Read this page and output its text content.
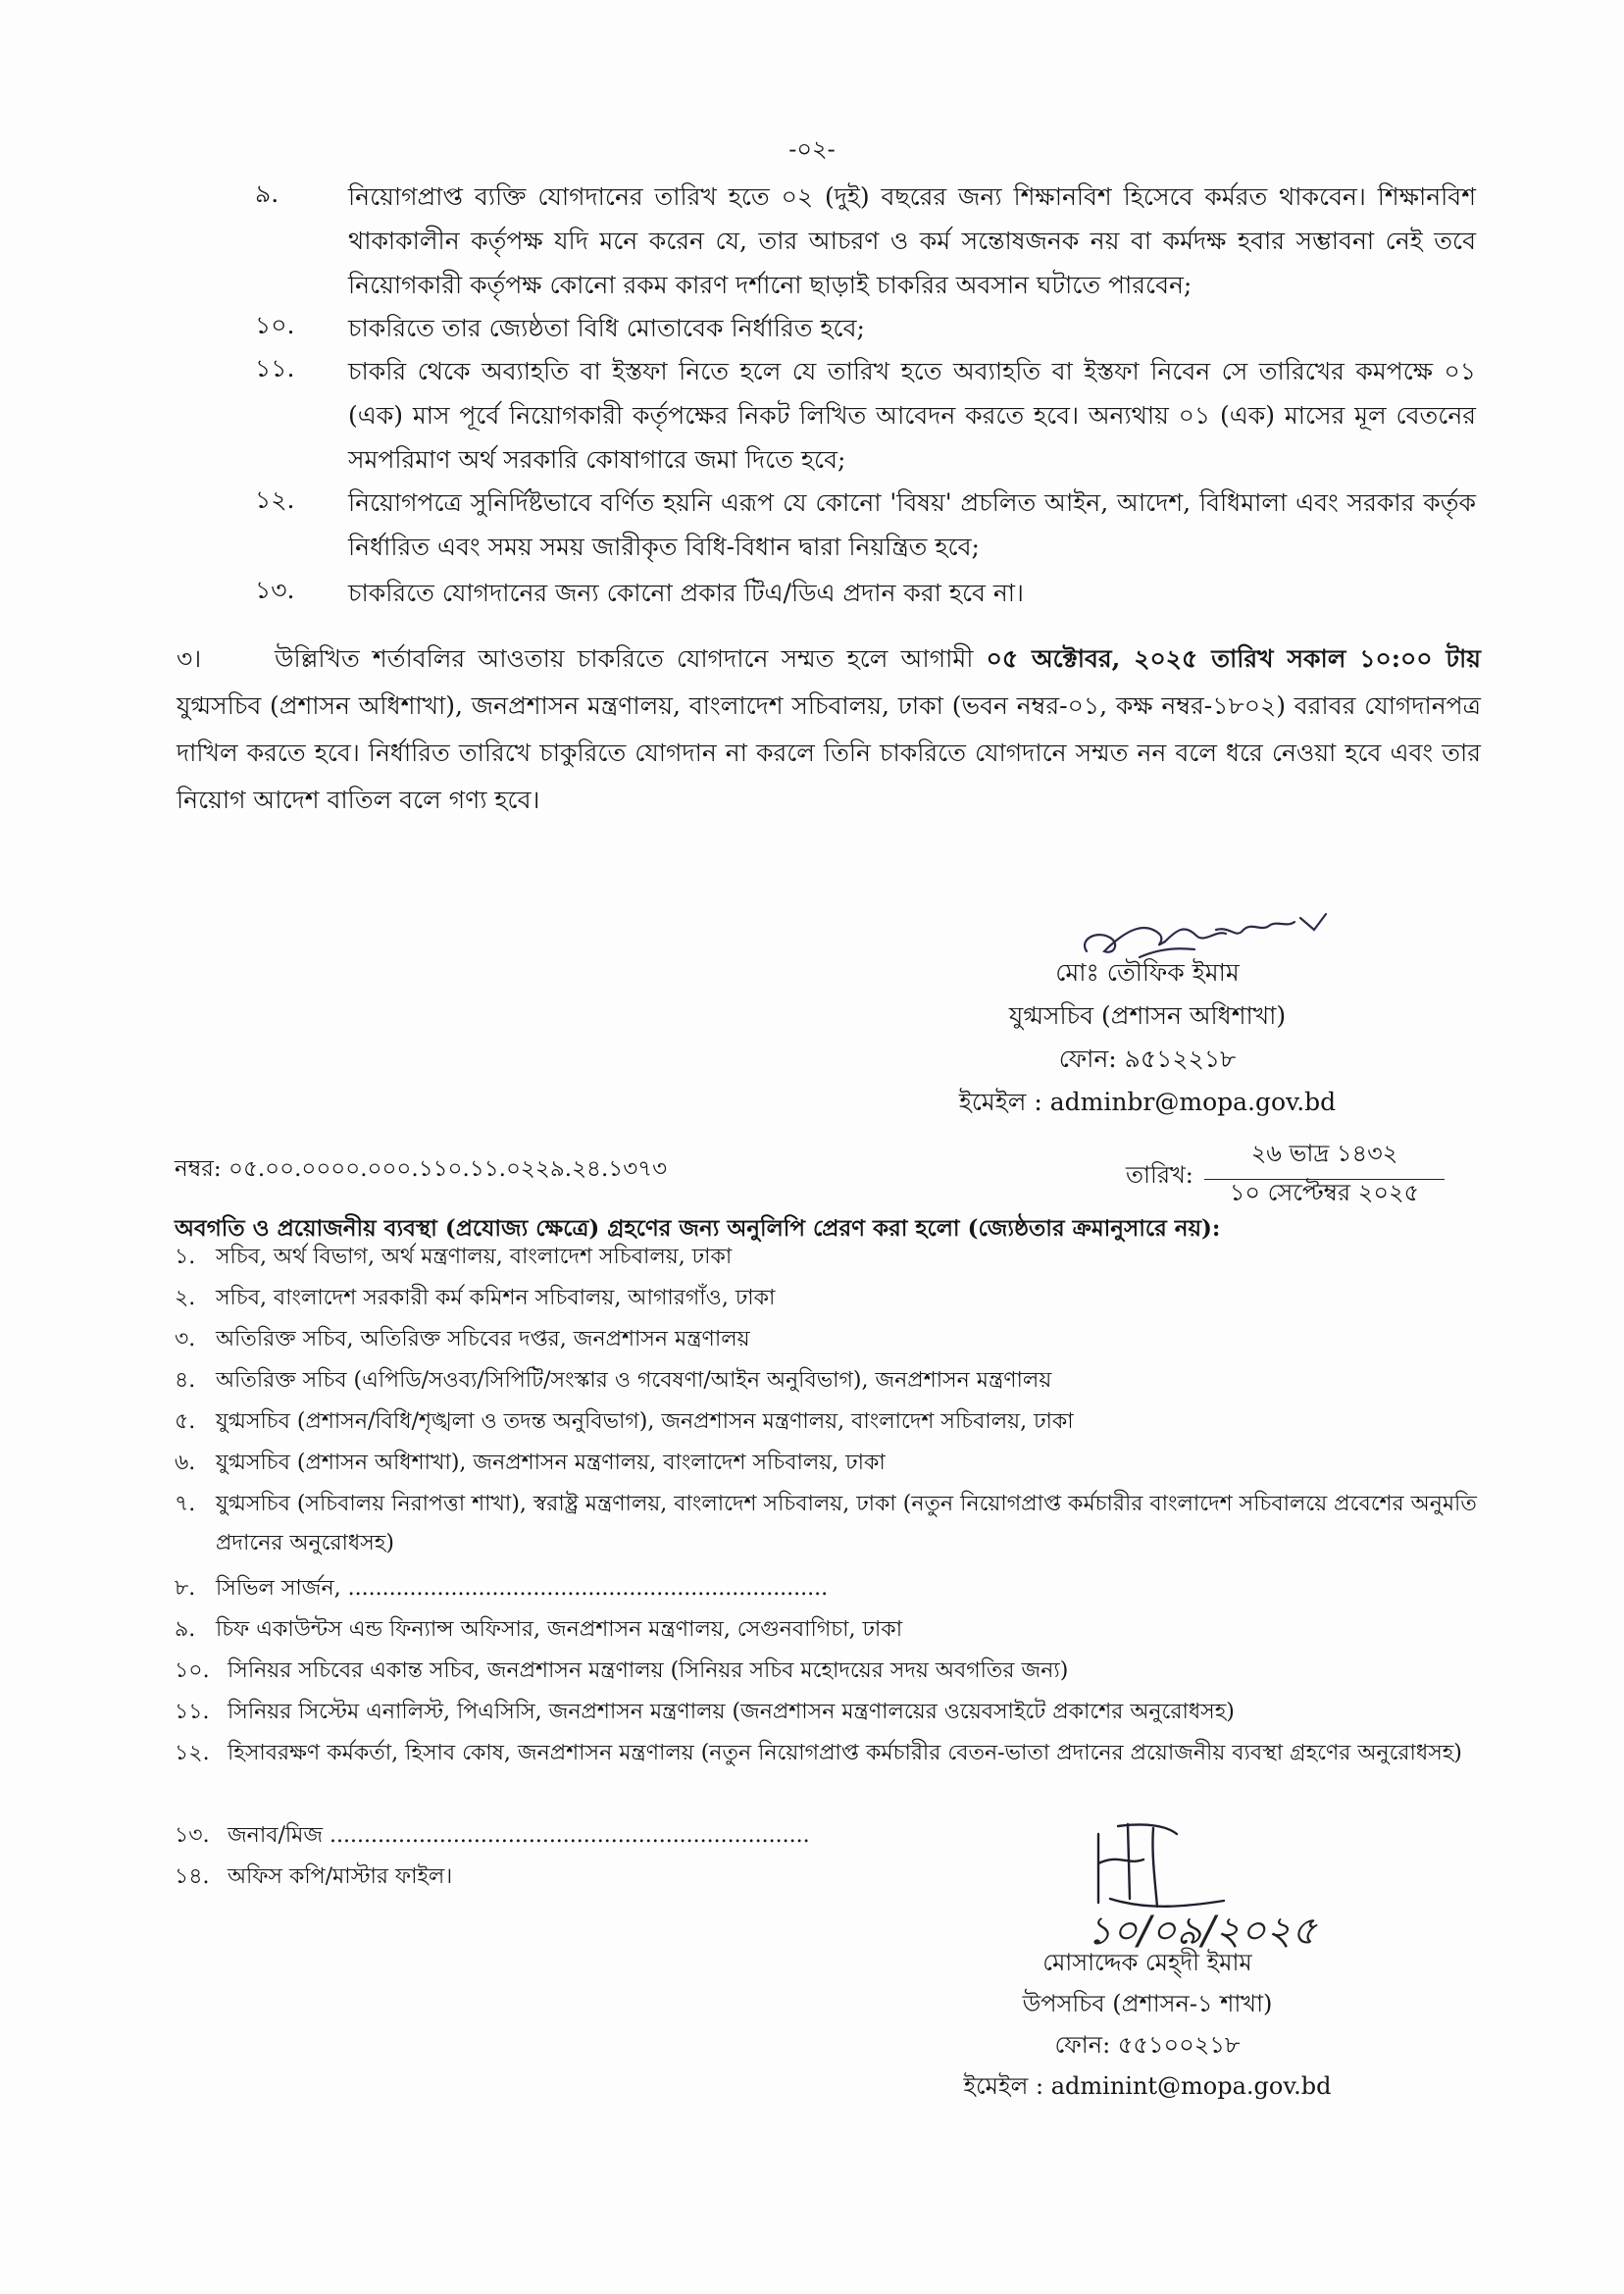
-০২-
৯.	নিয়োগপ্রাপ্ত ব্যক্তি যোগদানের তারিখ হতে ০২ (দুই) বছরের জন্য শিক্ষানবিশ হিসেবে কর্মরত থাকবেন। শিক্ষানবিশ থাকাকালীন কর্তৃপক্ষ যদি মনে করেন যে, তার আচরণ ও কর্ম সন্তোষজনক নয় বা কর্মদক্ষ হবার সম্ভাবনা নেই তবে নিয়োগকারী কর্তৃপক্ষ কোনো রকম কারণ দর্শানো ছাড়াই চাকরির অবসান ঘটাতে পারবেন;
১০. চাকরিতে তার জ্যেষ্ঠতা বিধি মোতাবেক নির্ধারিত হবে;
১১. চাকরি থেকে অব্যাহতি বা ইস্তফা নিতে হলে যে তারিখ হতে অব্যাহতি বা ইস্তফা নিবেন সে তারিখের কমপক্ষে ০১ (এক) মাস পূর্বে নিয়োগকারী কর্তৃপক্ষের নিকট লিখিত আবেদন করতে হবে। অন্যথায় ০১ (এক) মাসের মূল বেতনের সমপরিমাণ অর্থ সরকারি কোষাগারে জমা দিতে হবে;
১২. নিয়োগপত্রে সুনির্দিষ্টভাবে বর্ণিত হয়নি এরূপ যে কোনো 'বিষয়' প্রচলিত আইন, আদেশ, বিধিমালা এবং সরকার কর্তৃক নির্ধারিত এবং সময় সময় জারীকৃত বিধি-বিধান দ্বারা নিয়ন্ত্রিত হবে;
১৩. চাকরিতে যোগদানের জন্য কোনো প্রকার টিএ/ডিএ প্রদান করা হবে না।
৩।	উল্লিখিত শর্তাবলির আওতায় চাকরিতে যোগদানে সম্মত হলে আগামী ০৫ অক্টোবর, ২০২৫ তারিখ সকাল ১০:০০ টায় যুগ্মসচিব (প্রশাসন অধিশাখা), জনপ্রশাসন মন্ত্রণালয়, বাংলাদেশ সচিবালয়, ঢাকা (ভবন নম্বর-০১, কক্ষ নম্বর-১৮০২) বরাবর যোগদানপত্র দাখিল করতে হবে। নির্ধারিত তারিখে চাকুরিতে যোগদান না করলে তিনি চাকরিতে যোগদানে সম্মত নন বলে ধরে নেওয়া হবে এবং তার নিয়োগ আদেশ বাতিল বলে গণ্য হবে।
মোঃ তৌফিক ইমাম
যুগ্মসচিব (প্রশাসন অধিশাখা)
ফোন: ৯৫১২২১৮
ইমেইল : adminbr@mopa.gov.bd
নম্বর: ০৫.০০.০০০০.০০০.১১০.১১.০২২৯.২৪.১৩৭৩	তারিখ:
২৬ ভাদ্র ১৪৩২
১০ সেপ্টেম্বর ২০২৫
অবগতি ও প্রয়োজনীয় ব্যবস্থা (প্রযোজ্য ক্ষেত্রে) গ্রহণের জন্য অনুলিপি প্রেরণ করা হলো (জ্যেষ্ঠতার ক্রমানুসারে নয়):
১. সচিব, অর্থ বিভাগ, অর্থ মন্ত্রণালয়, বাংলাদেশ সচিবালয়, ঢাকা
২. সচিব, বাংলাদেশ সরকারী কর্ম কমিশন সচিবালয়, আগারগাঁও, ঢাকা
৩. অতিরিক্ত সচিব, অতিরিক্ত সচিবের দপ্তর, জনপ্রশাসন মন্ত্রণালয়
৪. অতিরিক্ত সচিব (এপিডি/সওব্য/সিপিটি/সংস্কার ও গবেষণা/আইন অনুবিভাগ), জনপ্রশাসন মন্ত্রণালয়
৫. যুগ্মসচিব (প্রশাসন/বিধি/শৃঙ্খলা ও তদন্ত অনুবিভাগ), জনপ্রশাসন মন্ত্রণালয়, বাংলাদেশ সচিবালয়, ঢাকা
৬. যুগ্মসচিব (প্রশাসন অধিশাখা), জনপ্রশাসন মন্ত্রণালয়, বাংলাদেশ সচিবালয়, ঢাকা
৭. যুগ্মসচিব (সচিবালয় নিরাপত্তা শাখা), স্বরাষ্ট্র মন্ত্রণালয়, বাংলাদেশ সচিবালয়, ঢাকা (নতুন নিয়োগপ্রাপ্ত কর্মচারীর বাংলাদেশ সচিবালয়ে প্রবেশের অনুমতি প্রদানের অনুরোধসহ)
৮. সিভিল সার্জন, ......................................................................
৯. চিফ একাউন্টস এন্ড ফিন্যান্স অফিসার, জনপ্রশাসন মন্ত্রণালয়, সেগুনবাগিচা, ঢাকা
১০. সিনিয়র সচিবের একান্ত সচিব, জনপ্রশাসন মন্ত্রণালয় (সিনিয়র সচিব মহোদয়ের সদয় অবগতির জন্য)
১১. সিনিয়র সিস্টেম এনালিস্ট, পিএসিসি, জনপ্রশাসন মন্ত্রণালয় (জনপ্রশাসন মন্ত্রণালয়ের ওয়েবসাইটে প্রকাশের অনুরোধসহ)
১২. হিসাবরক্ষণ কর্মকর্তা, হিসাব কোষ, জনপ্রশাসন মন্ত্রণালয় (নতুন নিয়োগপ্রাপ্ত কর্মচারীর বেতন-ভাতা প্রদানের প্রয়োজনীয় ব্যবস্থা গ্রহণের অনুরোধসহ)
১৩. জনাব/মিজ ......................................................................
১৪. অফিস কপি/মাস্টার ফাইল।
১০/০৯/২০২৫
মোসাদ্দেক মেহ্দী ইমাম
উপসচিব (প্রশাসন-১ শাখা)
ফোন: ৫৫১০০২১৮
ইমেইল : adminint@mopa.gov.bd
